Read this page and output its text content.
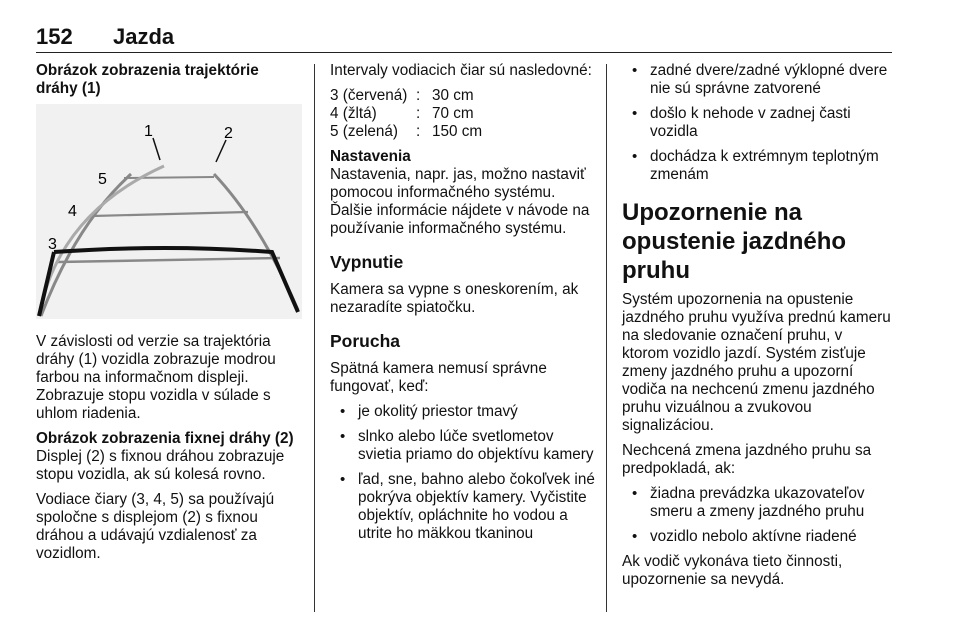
152 Jazda

Obrázok zobrazenia trajektórie dráhy (1)

1	2
3
4
5

V závislosti od verzie sa trajektória dráhy (1) vozidla zobrazuje modrou farbou na informačnom displeji. Zobrazuje stopu vozidla v súlade s uhlom riadenia.

Obrázok zobrazenia fixnej dráhy (2)

Displej (2) s fixnou dráhou zobrazuje stopu vozidla, ak sú kolesá rovno.

Vodiace čiary (3, 4, 5) sa používajú spoločne s displejom (2) s fixnou dráhou a udávajú vzdialenosť za vozidlom.

Intervaly vodiacich čiar sú nasledovné:

3 (červená) : 30 cm
4 (žltá)	: 70 cm
5 (zelená)	: 150 cm

Nastavenia

Nastavenia, napr. jas, možno nastaviť pomocou informačného systému. Ďalšie informácie nájdete v návode na používanie informačného systému.

Vypnutie

Kamera sa vypne s oneskorením, ak nezaradíte spiatočku.

Porucha

Spätná kamera nemusí správne fungovať, keď:

• je okolitý priestor tmavý
• slnko alebo lúče svetlometov svietia priamo do objektívu kamery
• ľad, sne, bahno alebo čokoľvek iné pokrýva objektív kamery. Vyčistite objektív, opláchnite ho vodou a utrite ho mäkkou tkaninou
• zadné dvere/zadné výklopné dvere nie sú správne zatvorené
• došlo k nehode v zadnej časti vozidla
• dochádza k extrémnym teplotným zmenám
Upozornenie na opustenie jazdného pruhu

Systém upozornenia na opustenie jazdného pruhu využíva prednú kameru na sledovanie označení pruhu, v ktorom vozidlo jazdí. Systém zisťuje zmeny jazdného pruhu a upozorní vodiča na nechcenú zmenu jazdného pruhu vizuálnou a zvukovou signalizáciou.

Nechcená zmena jazdného pruhu sa predpokladá, ak:

• žiadna prevádzka ukazovateľov smeru a zmeny jazdného pruhu
• vozidlo nebolo aktívne riadené

Ak vodič vykonáva tieto činnosti, upozornenie sa nevydá.
